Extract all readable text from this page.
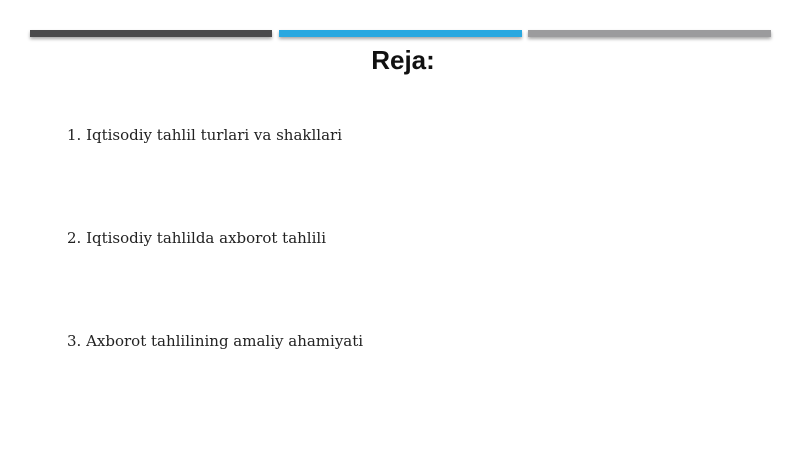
Reja:
1. Iqtisodiy tahlil turlari va shakllari
2. Iqtisodiy tahlilda axborot tahlili
3. Axborot tahlilining amaliy ahamiyati
